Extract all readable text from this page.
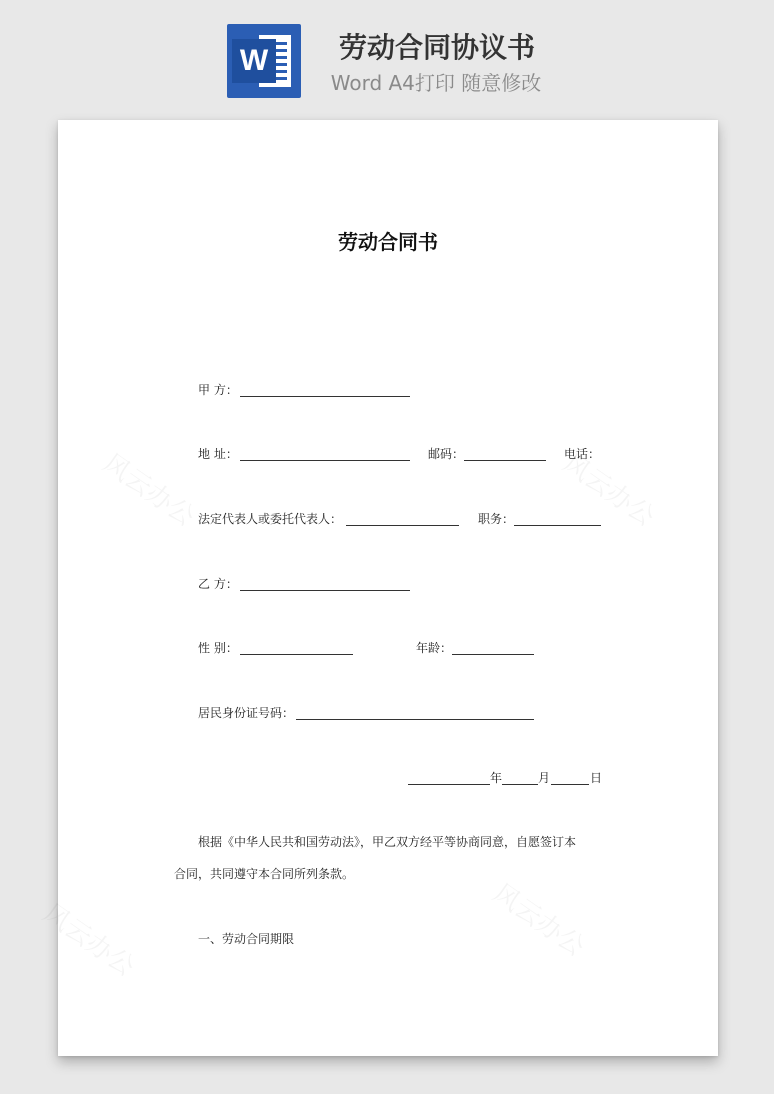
W	劳动合同协议书
Word A4打印 随意修改
劳动合同书
甲 方：
地 址：	邮码：	电话：
法定代表人或委托代表人：	职务：
乙 方：
性 别：	年龄：
居民身份证号码：
年	月	日
根据《中华人民共和国劳动法》，甲乙双方经平等协商同意，自愿签订本
合同，共同遵守本合同所列条款。
一、劳动合同期限
